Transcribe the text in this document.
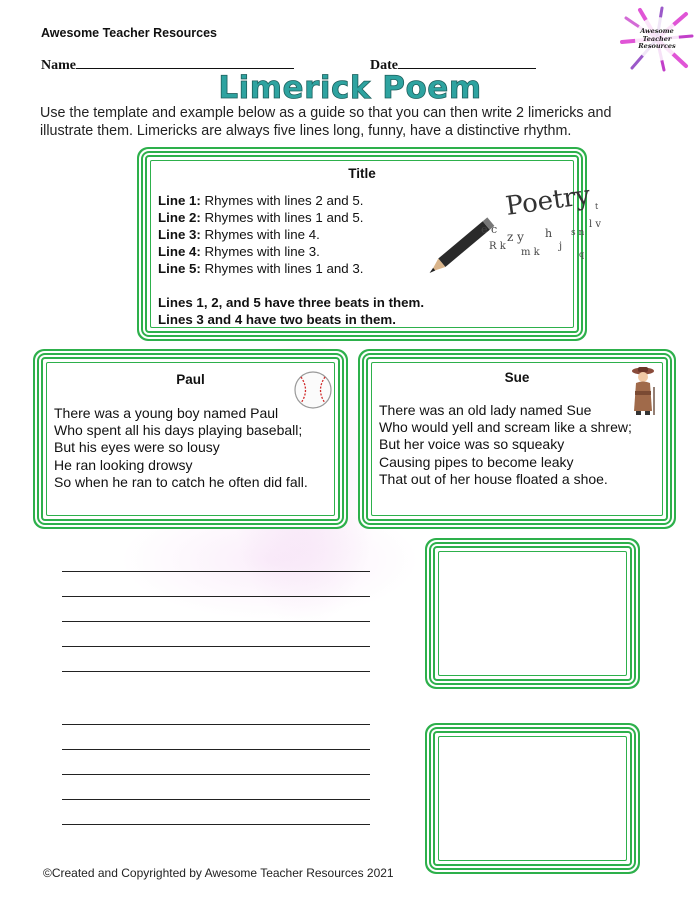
Awesome Teacher Resources	Awesome
Teacher
Resources
Name	Date
Limerick Poem
Use the template and example below as a guide so that you can then write 2 limericks and illustrate them. Limericks are always five lines long, funny, have a distinctive rhythm.
Title
Line 1: Rhymes with lines 2 and 5.
Line 2: Rhymes with lines 1 and 5.
Line 3: Rhymes with line 4.
Line 4: Rhymes with line 3.
Line 5: Rhymes with lines 1 and 3.
Lines 1, 2, and 5 have three beats in them.
Lines 3 and 4 have two beats in them.
Poetry
e c
R k
z y
m k
h
j
s n
l v
t
q
Paul
There was a young boy named Paul
Who spent all his days playing baseball;
But his eyes were so lousy
He ran looking drowsy
So when he ran to catch he often did fall.
Sue
There was an old lady named Sue
Who would yell and scream like a shrew;
But her voice was so squeaky
Causing pipes to become leaky
That out of her house floated a shoe.
©Created and Copyrighted by Awesome Teacher Resources 2021
